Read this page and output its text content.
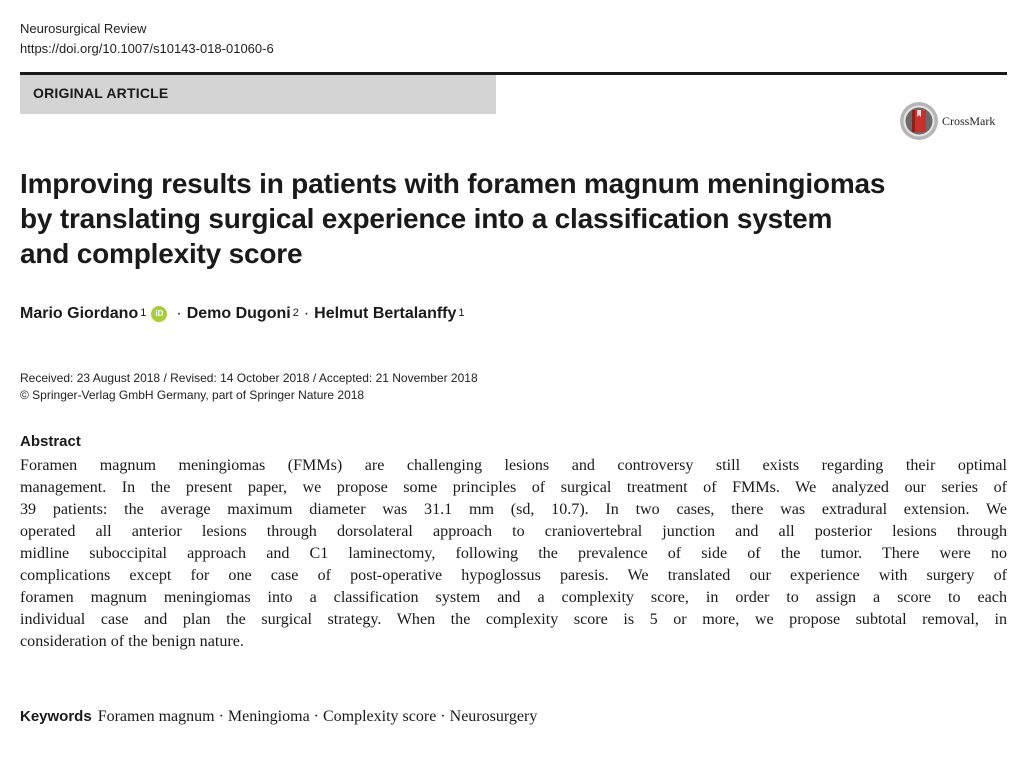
Neurosurgical Review
https://doi.org/10.1007/s10143-018-01060-6
ORIGINAL ARTICLE
CrossMark
Improving results in patients with foramen magnum meningiomas
by translating surgical experience into a classification system
and complexity score
Mario Giordano$^1$	iD · Demo Dugoni$^2$ · Helmut Bertalanffy$^1$
Received: 23 August 2018 / Revised: 14 October 2018 / Accepted: 21 November 2018
© Springer-Verlag GmbH Germany, part of Springer Nature 2018
Abstract
Foramen magnum meningiomas (FMMs) are challenging lesions and controversy still exists regarding their optimal
management. In the present paper, we propose some principles of surgical treatment of FMMs. We analyzed our series of
39 patients: the average maximum diameter was 31.1 mm (sd, 10.7). In two cases, there was extradural extension. We
operated all anterior lesions through dorsolateral approach to craniovertebral junction and all posterior lesions through
midline suboccipital approach and C1 laminectomy, following the prevalence of side of the tumor. There were no
complications except for one case of post-operative hypoglossus paresis. We translated our experience with surgery of
foramen magnum meningiomas into a classification system and a complexity score, in order to assign a score to each
individual case and plan the surgical strategy. When the complexity score is 5 or more, we propose subtotal removal, in
consideration of the benign nature.
Keywords Foramen magnum · Meningioma · Complexity score · Neurosurgery
